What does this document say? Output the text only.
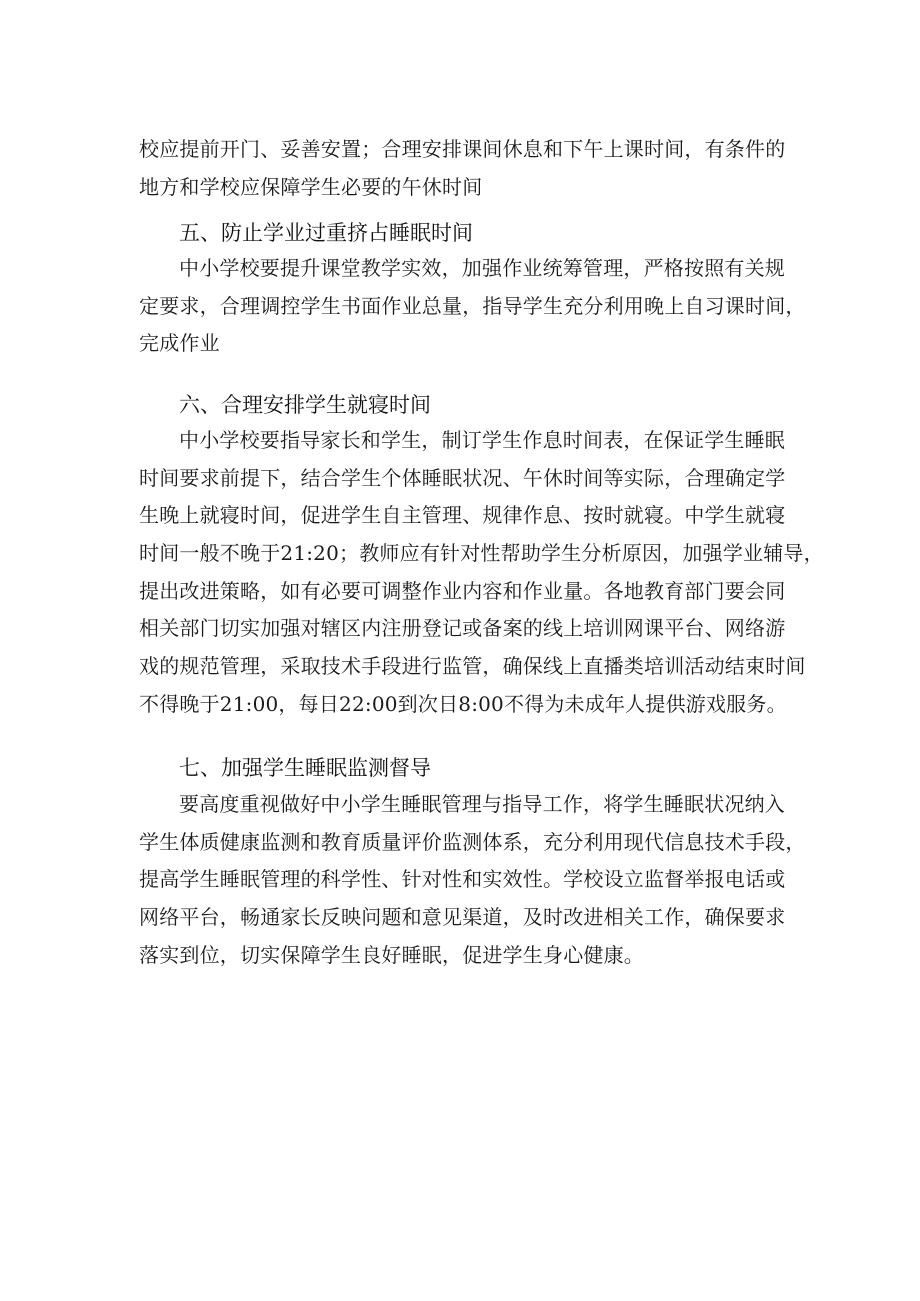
校应提前开门、妥善安置；合理安排课间休息和下午上课时间，有条件的
地方和学校应保障学生必要的午休时间
五、防止学业过重挤占睡眠时间
中小学校要提升课堂教学实效，加强作业统筹管理，严格按照有关规
定要求，合理调控学生书面作业总量，指导学生充分利用晚上自习课时间，
完成作业
六、合理安排学生就寝时间
中小学校要指导家长和学生，制订学生作息时间表，在保证学生睡眠
时间要求前提下，结合学生个体睡眠状况、午休时间等实际，合理确定学
生晚上就寝时间，促进学生自主管理、规律作息、按时就寝。中学生就寝
时间一般不晚于21:20；教师应有针对性帮助学生分析原因，加强学业辅导，
提出改进策略，如有必要可调整作业内容和作业量。各地教育部门要会同
相关部门切实加强对辖区内注册登记或备案的线上培训网课平台、网络游
戏的规范管理，采取技术手段进行监管，确保线上直播类培训活动结束时间
不得晚于21:00，每日22:00到次日8:00不得为未成年人提供游戏服务。
七、加强学生睡眠监测督导
要高度重视做好中小学生睡眠管理与指导工作，将学生睡眠状况纳入
学生体质健康监测和教育质量评价监测体系，充分利用现代信息技术手段，
提高学生睡眠管理的科学性、针对性和实效性。学校设立监督举报电话或
网络平台，畅通家长反映问题和意见渠道，及时改进相关工作，确保要求
落实到位，切实保障学生良好睡眠，促进学生身心健康。
